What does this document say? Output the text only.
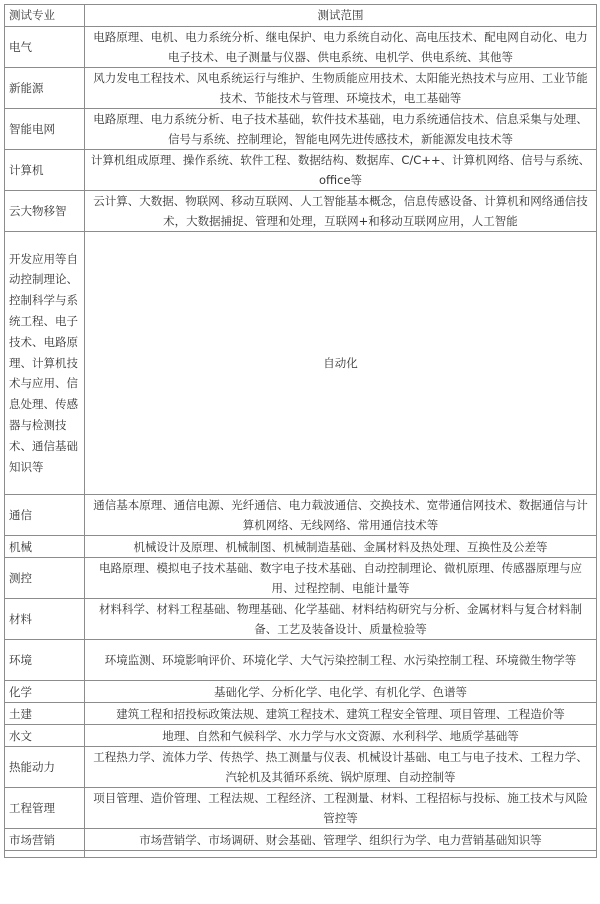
测试专业	测试范围
电气	电路原理、电机、电力系统分析、继电保护、电力系统自动化、高电压技术、配电网自动化、电力电子技术、电子测量与仪器、供电系统、电机学、供电系统、其他等
新能源	风力发电工程技术、风电系统运行与维护、生物质能应用技术、太阳能光热技术与应用、工业节能技术、节能技术与管理、环境技术，电工基础等
智能电网	电路原理、电力系统分析、电子技术基础，软件技术基础，电力系统通信技术、信息采集与处理、信号与系统、控制理论，智能电网先进传感技术，新能源发电技术等
计算机	计算机组成原理、操作系统、软件工程、数据结构、数据库、C/C++、计算机网络、信号与系统、office等
云大物移智	云计算、大数据、物联网、移动互联网、人工智能基本概念，信息传感设备、计算机和网络通信技术，大数据捕捉、管理和处理，互联网+和移动互联网应用，人工智能
开发应用等自动控制理论、控制科学与系统工程、电子技术、电路原理、计算机技术与应用、信息处理、传感器与检测技术、通信基础知识等	自动化
通信	通信基本原理、通信电源、光纤通信、电力载波通信、交换技术、宽带通信网技术、数据通信与计算机网络、无线网络、常用通信技术等
机械	机械设计及原理、机械制图、机械制造基础、金属材料及热处理、互换性及公差等
测控	电路原理、模拟电子技术基础、数字电子技术基础、自动控制理论、微机原理、传感器原理与应用、过程控制、电能计量等
材料	材料科学、材料工程基础、物理基础、化学基础、材料结构研究与分析、金属材料与复合材料制备、工艺及装备设计、质量检验等
环境	环境监测、环境影响评价、环境化学、大气污染控制工程、水污染控制工程、环境微生物学等
化学	基础化学、分析化学、电化学、有机化学、色谱等
土建	建筑工程和招投标政策法规、建筑工程技术、建筑工程安全管理、项目管理、工程造价等
水文	地理、自然和气候科学、水力学与水文资源、水利科学、地质学基础等
热能动力	工程热力学、流体力学、传热学、热工测量与仪表、机械设计基础、电工与电子技术、工程力学、汽轮机及其循环系统、锅炉原理、自动控制等
工程管理	项目管理、造价管理、工程法规、工程经济、工程测量、材料、工程招标与投标、施工技术与风险管控等
市场营销	市场营销学、市场调研、财会基础、管理学、组织行为学、电力营销基础知识等
